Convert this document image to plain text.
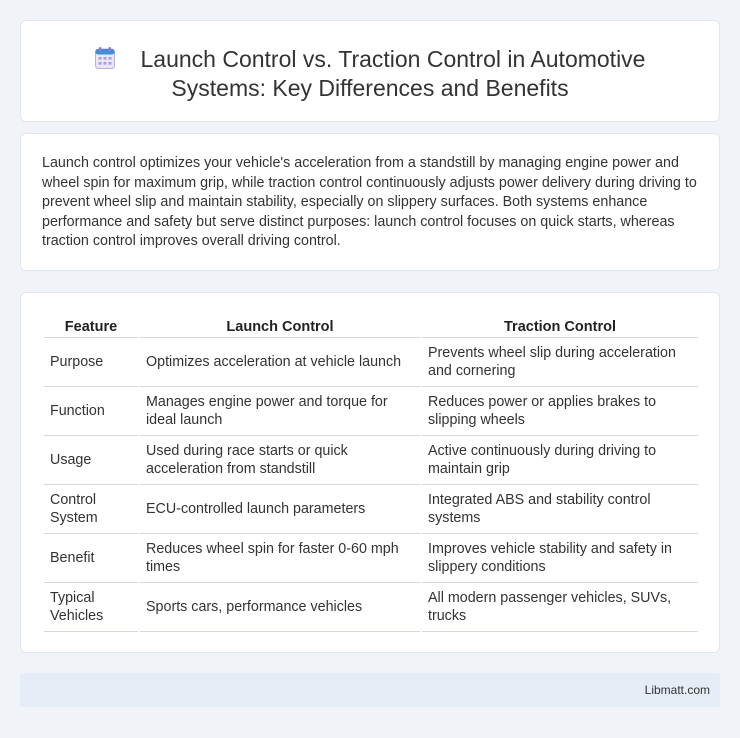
Launch Control vs. Traction Control in Automotive
Systems: Key Differences and Benefits

Launch control optimizes your vehicle's acceleration from a standstill by managing engine power and wheel spin for maximum grip, while traction control continuously adjusts power delivery during driving to prevent wheel slip and maintain stability, especially on slippery surfaces. Both systems enhance performance and safety but serve distinct purposes: launch control focuses on quick starts, whereas traction control improves overall driving control.

Feature	Launch Control	Traction Control
Purpose	Optimizes acceleration at vehicle launch	Prevents wheel slip during acceleration and cornering
Function	Manages engine power and torque for ideal launch	Reduces power or applies brakes to slipping wheels
Usage	Used during race starts or quick acceleration from standstill	Active continuously during driving to maintain grip
Control System	ECU-controlled launch parameters	Integrated ABS and stability control systems
Benefit	Reduces wheel spin for faster 0-60 mph times	Improves vehicle stability and safety in slippery conditions
Typical Vehicles	Sports cars, performance vehicles	All modern passenger vehicles, SUVs, trucks
Libmatt.com
